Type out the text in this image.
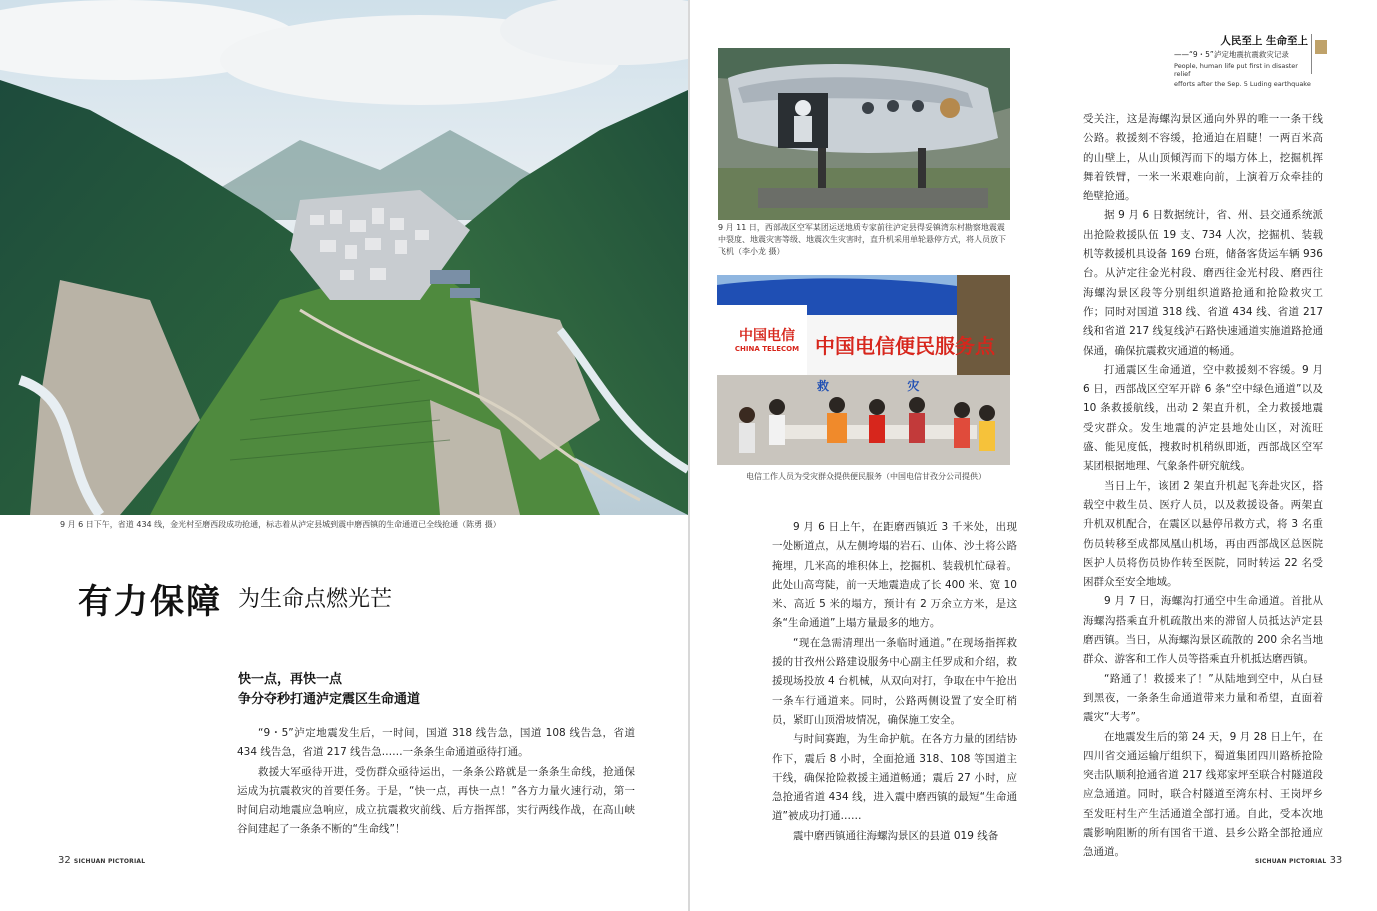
9 月 6 日下午，省道 434 线，金光村至磨西段成功抢通，标志着从泸定县城到震中磨西镇的生命通道已全线抢通（陈勇 摄）
有力保障 为生命点燃光芒
快一点，再快一点
争分夺秒打通泸定震区生命通道

“9・5”泸定地震发生后，一时间，国道 318 线告急，国道 108 线告急，省道 434 线告急，省道 217 线告急……一条条生命通道亟待打通。

救援大军亟待开进，受伤群众亟待运出，一条条公路就是一条条生命线，抢通保运成为抗震救灾的首要任务。于是，“快一点，再快一点！”各方力量火速行动，第一时间启动地震应急响应，成立抗震救灾前线、后方指挥部，实行两线作战，在高山峡谷间建起了一条条不断的“生命线”！

32 SICHUAN PICTORIAL
9 月 11 日，西部战区空军某团运送地质专家前往泸定县得妥镇湾东村勘察地震震中裂度、地震灾害等级、地震次生灾害时，直升机采用单轮悬停方式，将人员放下飞机（李小龙 摄）
中国电信
CHINA TELECOM 中国电信便民服务点
救	灾
电信工作人员为受灾群众提供便民服务（中国电信甘孜分公司提供）
人民至上 生命至上
——“9・5”泸定地震抗震救灾记录
People, human life put first in disaster relief
efforts after the Sep. 5 Luding earthquake

9 月 6 日上午，在距磨西镇近 3 千米处，出现一处断道点，从左侧垮塌的岩石、山体、沙土将公路掩埋，几米高的堆积体上，挖掘机、装载机忙碌着。此处山高弯陡，前一天地震造成了长 400 米、宽 10 米、高近 5 米的塌方，预计有 2 万余立方米，是这条“生命通道”上塌方量最多的地方。

“现在急需清理出一条临时通道。”在现场指挥救援的甘孜州公路建设服务中心副主任罗成和介绍，救援现场投放 4 台机械，从双向对打，争取在中午抢出一条车行通道来。同时，公路两侧设置了安全盯梢员，紧盯山顶滑坡情况，确保施工安全。

与时间赛跑，为生命护航。在各方力量的团结协作下，震后 8 小时，全面抢通 318、108 等国道主干线，确保抢险救援主通道畅通；震后 27 小时，应急抢通省道 434 线，进入震中磨西镇的最短“生命通道”被成功打通……

震中磨西镇通往海螺沟景区的县道 019 线备

受关注，这是海螺沟景区通向外界的唯一一条干线公路。救援刻不容缓，抢通迫在眉睫！一两百米高的山壁上，从山顶倾泻而下的塌方体上，挖掘机挥舞着铁臂，一米一米艰难向前，上演着万众牵挂的绝壁抢通。

据 9 月 6 日数据统计，省、州、县交通系统派出抢险救援队伍 19 支、734 人次，挖掘机、装载机等救援机具设备 169 台班，储备客货运车辆 936 台。从泸定往金光村段、磨西往金光村段、磨西往海螺沟景区段等分别组织道路抢通和抢险救灾工作；同时对国道 318 线、省道 434 线、省道 217 线和省道 217 线复线泸石路快速通道实施道路抢通保通，确保抗震救灾通道的畅通。

打通震区生命通道，空中救援刻不容缓。9 月 6 日，西部战区空军开辟 6 条“空中绿色通道”以及 10 条救援航线，出动 2 架直升机，全力救援地震受灾群众。发生地震的泸定县地处山区，对流旺盛、能见度低，搜救时机稍纵即逝，西部战区空军某团根据地理、气象条件研究航线。

当日上午，该团 2 架直升机起飞奔赴灾区，搭载空中救生员、医疗人员，以及救援设备。两架直升机双机配合，在震区以悬停吊救方式，将 3 名重伤员转移至成都凤凰山机场，再由西部战区总医院医护人员将伤员协作转至医院，同时转运 22 名受困群众至安全地域。

9 月 7 日，海螺沟打通空中生命通道。首批从海螺沟搭乘直升机疏散出来的滞留人员抵达泸定县磨西镇。当日，从海螺沟景区疏散的 200 余名当地群众、游客和工作人员等搭乘直升机抵达磨西镇。

“路通了！救援来了！”从陆地到空中，从白昼到黑夜，一条条生命通道带来力量和希望，直面着震灾“大考”。

在地震发生后的第 24 天，9 月 28 日上午，在四川省交通运输厅组织下，蜀道集团四川路桥抢险突击队顺利抢通省道 217 线郑家坪至联合村隧道段应急通道。同时，联合村隧道至湾东村、王岗坪乡至发旺村生产生活通道全部打通。自此，受本次地震影响阻断的所有国省干道、县乡公路全部抢通应急通道。

SICHUAN PICTORIAL 33
